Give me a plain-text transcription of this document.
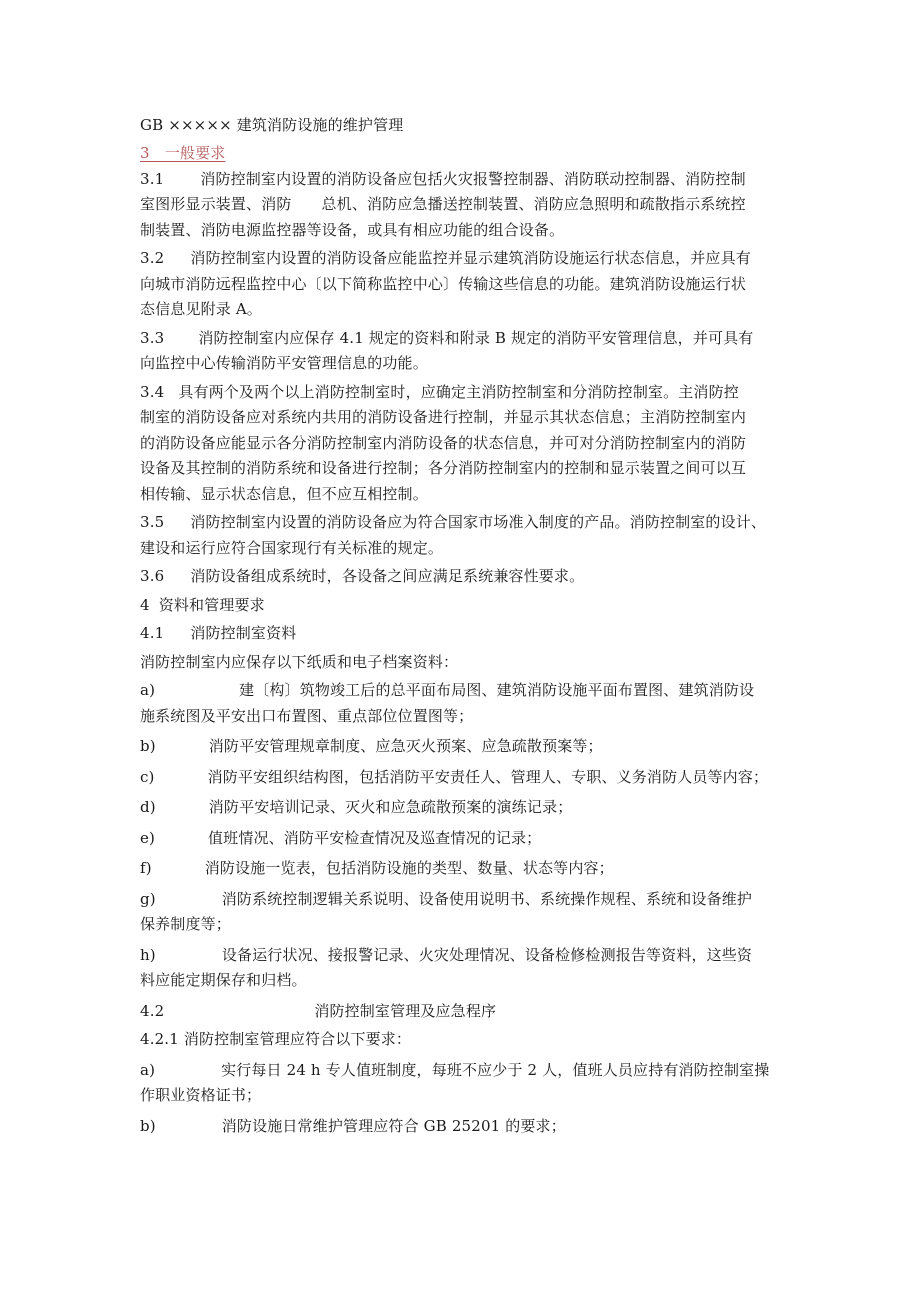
GB ××××× 建筑消防设施的维护管理
3　一般要求
3.1 消防控制室内设置的消防设备应包括火灾报警控制器、消防联动控制器、消防控制
室图形显示装置、消防 总机、消防应急播送控制装置、消防应急照明和疏散指示系统控
制装置、消防电源监控器等设备，或具有相应功能的组合设备。
3.2 消防控制室内设置的消防设备应能监控并显示建筑消防设施运行状态信息，并应具有
向城市消防远程监控中心〔以下简称监控中心〕传输这些信息的功能。建筑消防设施运行状
态信息见附录 A。
3.3 消防控制室内应保存 4.1 规定的资料和附录 B 规定的消防平安管理信息，并可具有
向监控中心传输消防平安管理信息的功能。
3.4 具有两个及两个以上消防控制室时，应确定主消防控制室和分消防控制室。主消防控
制室的消防设备应对系统内共用的消防设备进行控制，并显示其状态信息；主消防控制室内
的消防设备应能显示各分消防控制室内消防设备的状态信息，并可对分消防控制室内的消防
设备及其控制的消防系统和设备进行控制；各分消防控制室内的控制和显示装置之间可以互
相传输、显示状态信息，但不应互相控制。
3.5 消防控制室内设置的消防设备应为符合国家市场准入制度的产品。消防控制室的设计、
建设和运行应符合国家现行有关标准的规定。
3.6 消防设备组成系统时，各设备之间应满足系统兼容性要求。
4 资料和管理要求
4.1 消防控制室资料
消防控制室内应保存以下纸质和电子档案资料：
a)	建〔构〕筑物竣工后的总平面布局图、建筑消防设施平面布置图、建筑消防设
施系统图及平安出口布置图、重点部位位置图等；
b)	消防平安管理规章制度、应急灭火预案、应急疏散预案等；
c)	消防平安组织结构图，包括消防平安责任人、管理人、专职、义务消防人员等内容；
d)	消防平安培训记录、灭火和应急疏散预案的演练记录；
e)	值班情况、消防平安检查情况及巡查情况的记录；
f)	消防设施一览表，包括消防设施的类型、数量、状态等内容；
g)	消防系统控制逻辑关系说明、设备使用说明书、系统操作规程、系统和设备维护
保养制度等；
h)	设备运行状况、接报警记录、火灾处理情况、设备检修检测报告等资料，这些资
料应能定期保存和归档。
4.2	消防控制室管理及应急程序
4.2.1 消防控制室管理应符合以下要求：
a)	实行每日 24 h 专人值班制度，每班不应少于 2 人，值班人员应持有消防控制室操
作职业资格证书；
b)	消防设施日常维护管理应符合 GB 25201 的要求；
